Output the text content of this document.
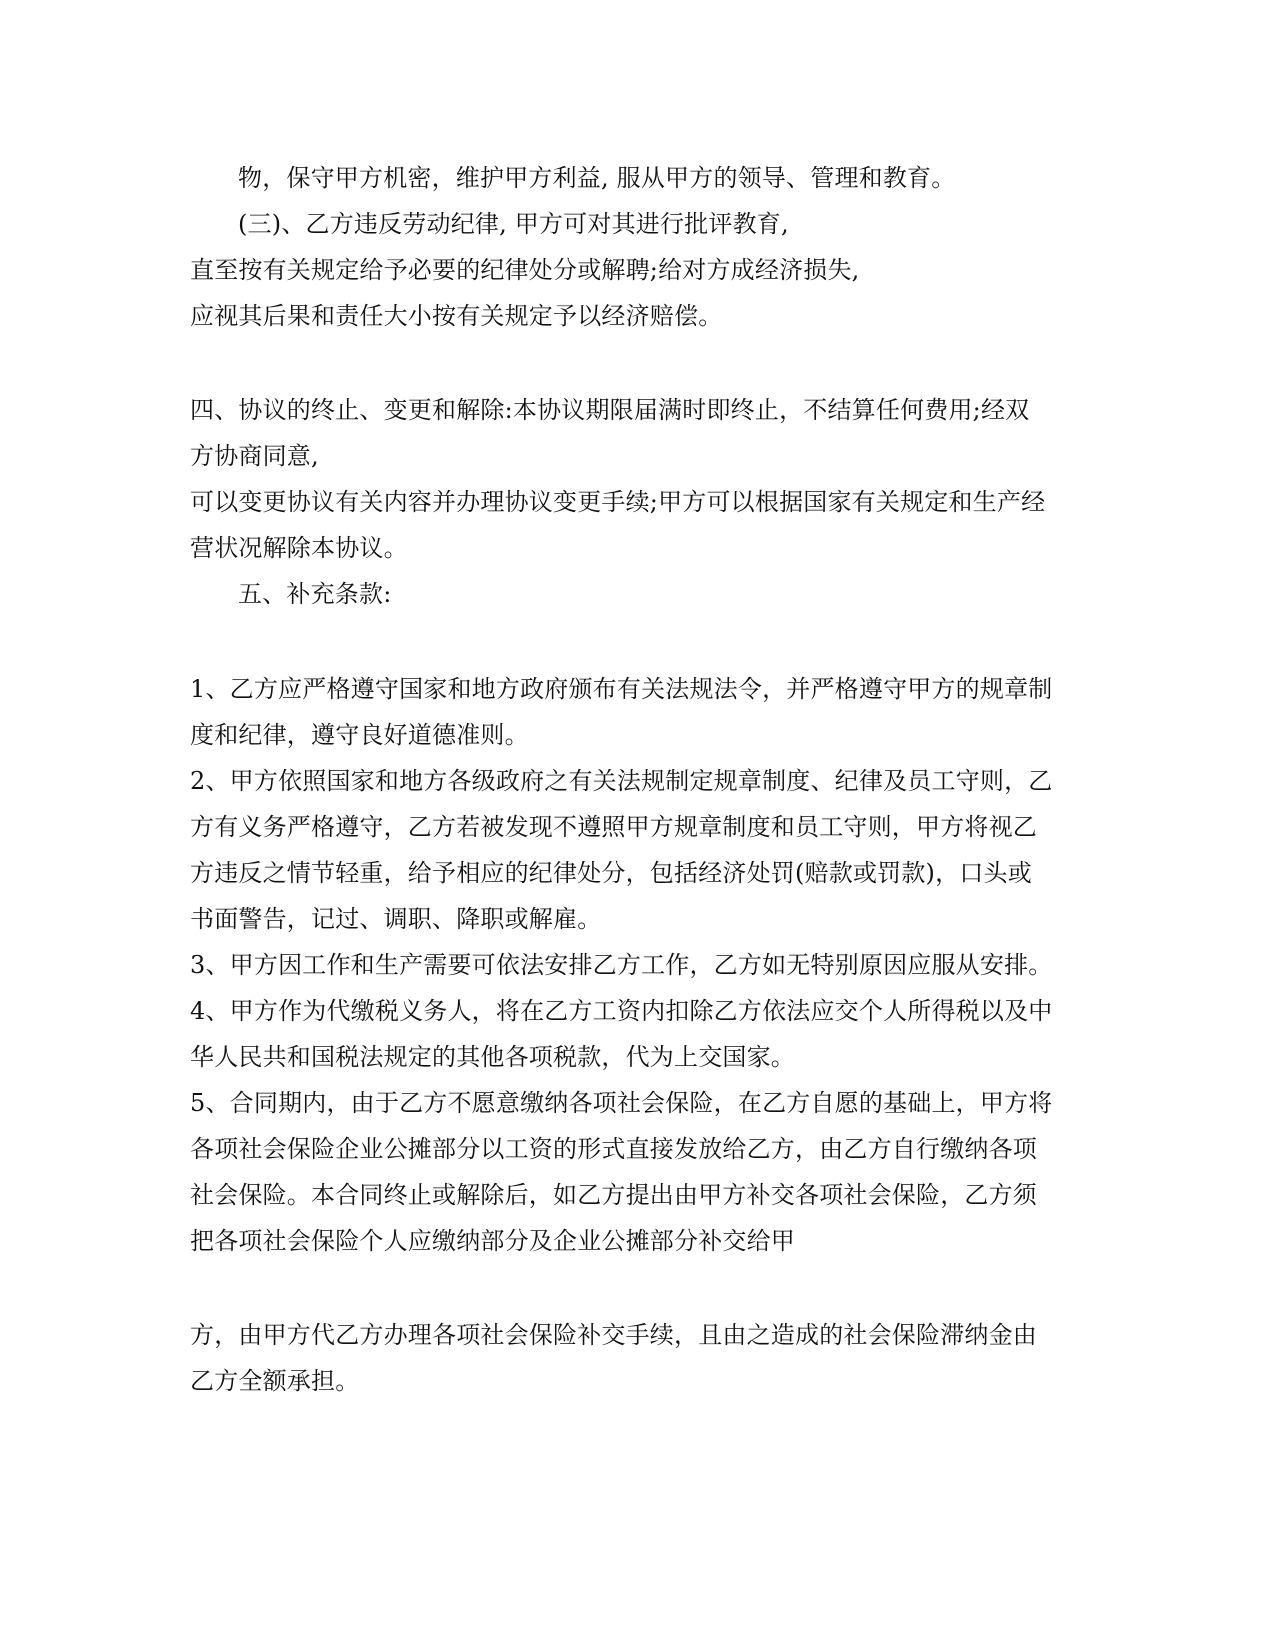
物，保守甲方机密，维护甲方利益, 服从甲方的领导、管理和教育。
(三)、乙方违反劳动纪律, 甲方可对其进行批评教育,
直至按有关规定给予必要的纪律处分或解聘;给对方成经济损失,
应视其后果和责任大小按有关规定予以经济赔偿。
四、协议的终止、变更和解除:本协议期限届满时即终止，不结算任何费用;经双
方协商同意,
可以变更协议有关内容并办理协议变更手续;甲方可以根据国家有关规定和生产经
营状况解除本协议。
五、补充条款:
1、乙方应严格遵守国家和地方政府颁布有关法规法令，并严格遵守甲方的规章制
度和纪律，遵守良好道德准则。
2、甲方依照国家和地方各级政府之有关法规制定规章制度、纪律及员工守则，乙
方有义务严格遵守，乙方若被发现不遵照甲方规章制度和员工守则，甲方将视乙
方违反之情节轻重，给予相应的纪律处分，包括经济处罚(赔款或罚款)，口头或
书面警告，记过、调职、降职或解雇。
3、甲方因工作和生产需要可依法安排乙方工作，乙方如无特别原因应服从安排。
4、甲方作为代缴税义务人，将在乙方工资内扣除乙方依法应交个人所得税以及中
华人民共和国税法规定的其他各项税款，代为上交国家。
5、合同期内，由于乙方不愿意缴纳各项社会保险，在乙方自愿的基础上，甲方将
各项社会保险企业公摊部分以工资的形式直接发放给乙方，由乙方自行缴纳各项
社会保险。本合同终止或解除后，如乙方提出由甲方补交各项社会保险，乙方须
把各项社会保险个人应缴纳部分及企业公摊部分补交给甲
方，由甲方代乙方办理各项社会保险补交手续，且由之造成的社会保险滞纳金由
乙方全额承担。
